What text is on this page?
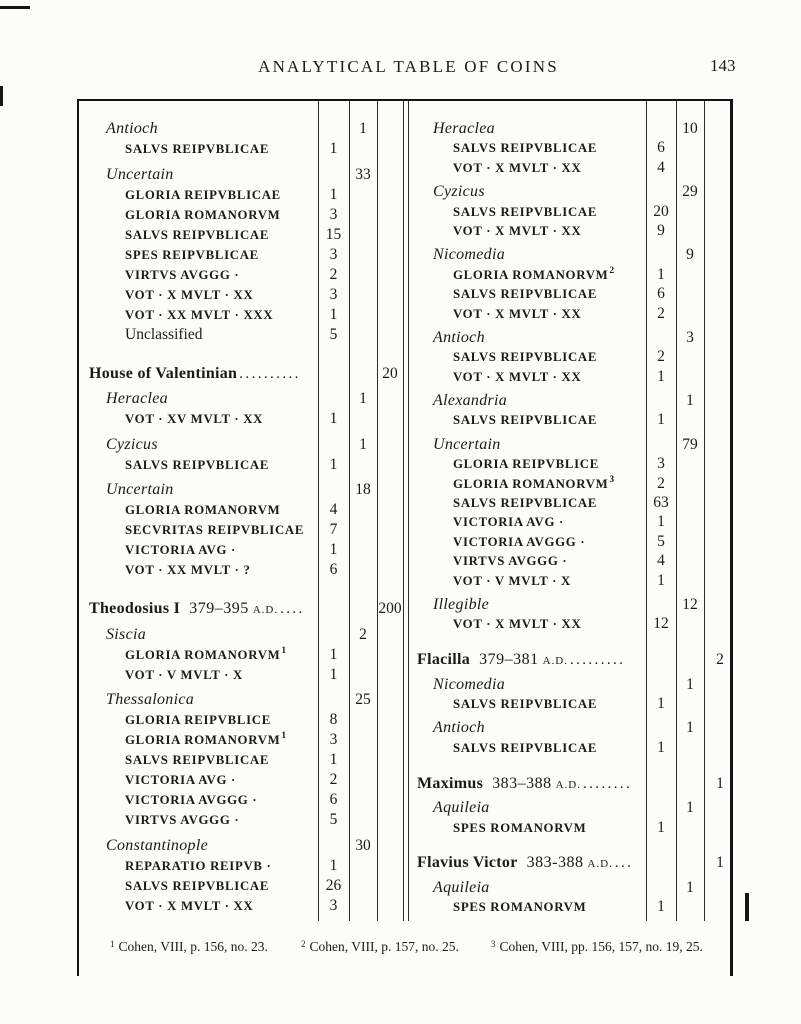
ANALYTICAL TABLE OF COINS	143
Antioch	1
SALVS REIPVBLICAE	1
Uncertain	33
GLORIA REIPVBLICAE	1
GLORIA ROMANORVM	3
SALVS REIPVBLICAE	15
SPES REIPVBLICAE	3
VIRTVS AVGGG ·	2
VOT · X MVLT · XX	3
VOT · XX MVLT · XXX	1
Unclassified	5
House of Valentinian ..........	20
Heraclea	1
VOT · XV MVLT · XX	1
Cyzicus	1
SALVS REIPVBLICAE	1
Uncertain	18
GLORIA ROMANORVM	4
SECVRITAS REIPVBLICAE	7
VICTORIA AVG ·	1
VOT · XX MVLT · ?	6
Theodosius I 379–395 A.D. ....	200
Siscia	2
GLORIA ROMANORVM$^1$	1
VOT · V MVLT · X	1
Thessalonica	25
GLORIA REIPVBLICE	8
GLORIA ROMANORVM$^1$	3
SALVS REIPVBLICAE	1
VICTORIA AVG ·	2
VICTORIA AVGGG ·	6
VIRTVS AVGGG ·	5
Constantinople	30
REPARATIO REIPVB ·	1
SALVS REIPVBLICAE	26
VOT · X MVLT · XX	3
Heraclea	10
SALVS REIPVBLICAE	6
VOT · X MVLT · XX	4
Cyzicus	29
SALVS REIPVBLICAE	20
VOT · X MVLT · XX	9
Nicomedia	9
GLORIA ROMANORVM$^2$	1
SALVS REIPVBLICAE	6
VOT · X MVLT · XX	2
Antioch	3
SALVS REIPVBLICAE	2
VOT · X MVLT · XX	1
Alexandria	1
SALVS REIPVBLICAE	1
Uncertain	79
GLORIA REIPVBLICE	3
GLORIA ROMANORVM$^3$	2
SALVS REIPVBLICAE	63
VICTORIA AVG ·	1
VICTORIA AVGGG ·	5
VIRTVS AVGGG ·	4
VOT · V MVLT · X	1
Illegible	12
VOT · X MVLT · XX	12
Flacilla 379–381 A.D. .........	2
Nicomedia	1
SALVS REIPVBLICAE	1
Antioch	1
SALVS REIPVBLICAE	1
Maximus 383–388 A.D. ........	1
Aquileia	1
SPES ROMANORVM	1
Flavius Victor 383-388 A.D. ...	1
Aquileia	1
SPES ROMANORVM	1
$^1$ Cohen, VIII, p. 156, no. 23.	$^2$ Cohen, VIII, p. 157, no. 25.	$^3$ Cohen, VIII, pp. 156, 157, no. 19, 25.
